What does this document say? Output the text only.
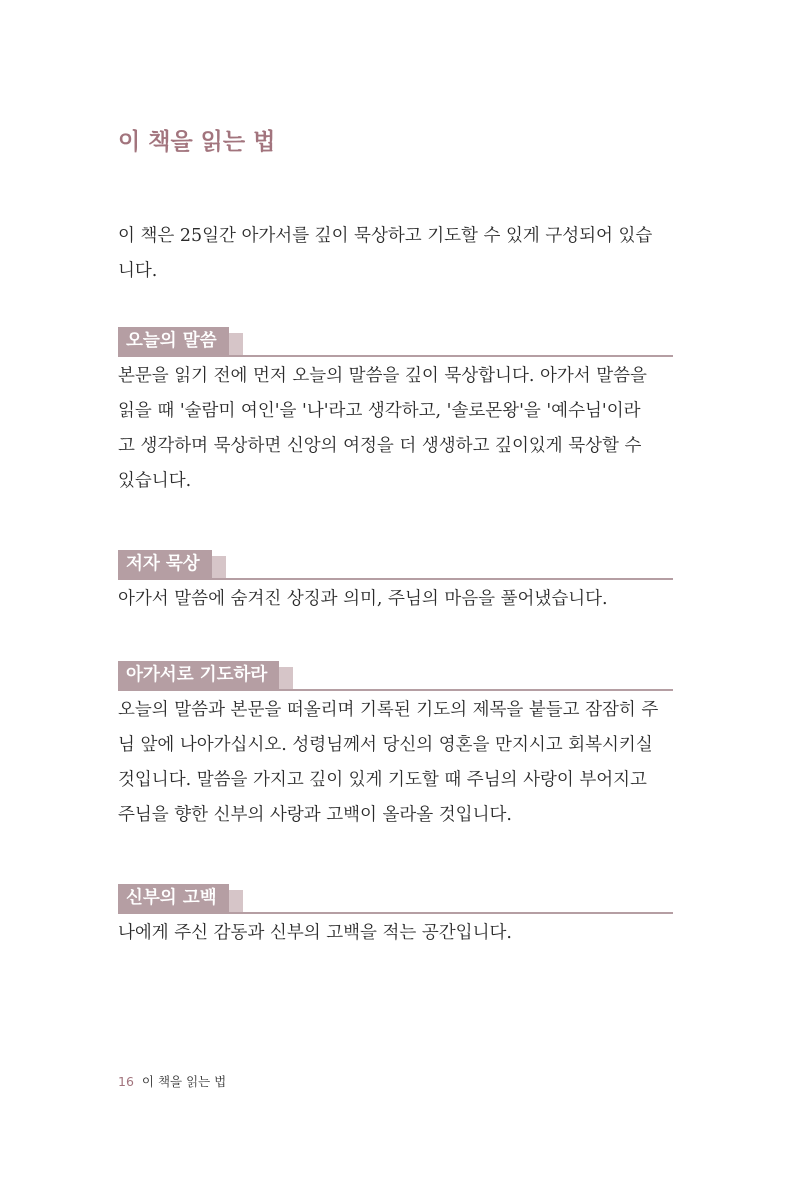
이 책을 읽는 법
이 책은 25일간 아가서를 깊이 묵상하고 기도할 수 있게 구성되어 있습
니다.
오늘의 말씀
본문을 읽기 전에 먼저 오늘의 말씀을 깊이 묵상합니다. 아가서 말씀을
읽을 때 '술람미 여인'을 '나'라고 생각하고, '솔로몬왕'을 '예수님'이라
고 생각하며 묵상하면 신앙의 여정을 더 생생하고 깊이있게 묵상할 수
있습니다.
저자 묵상
아가서 말씀에 숨겨진 상징과 의미, 주님의 마음을 풀어냈습니다.
아가서로 기도하라
오늘의 말씀과 본문을 떠올리며 기록된 기도의 제목을 붙들고 잠잠히 주
님 앞에 나아가십시오. 성령님께서 당신의 영혼을 만지시고 회복시키실
것입니다. 말씀을 가지고 깊이 있게 기도할 때 주님의 사랑이 부어지고
주님을 향한 신부의 사랑과 고백이 올라올 것입니다.
신부의 고백
나에게 주신 감동과 신부의 고백을 적는 공간입니다.
16 이 책을 읽는 법
